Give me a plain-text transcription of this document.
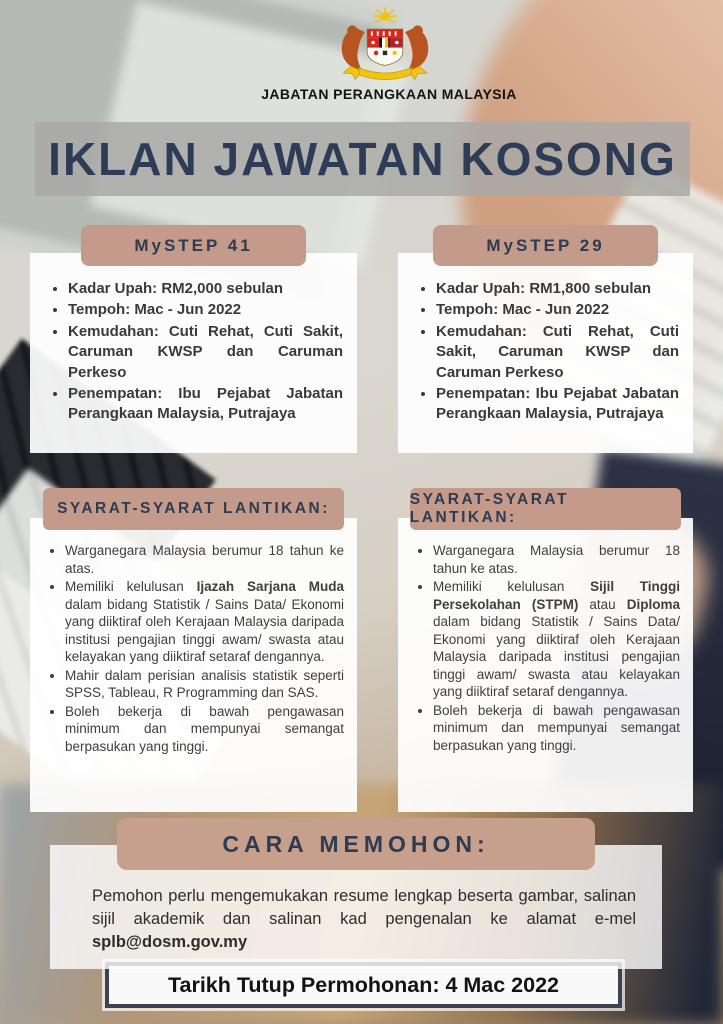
JABATAN PERANGKAAN MALAYSIA
IKLAN JAWATAN KOSONG
MySTEP 41
• Kadar Upah: RM2,000 sebulan
• Tempoh: Mac - Jun 2022
• Kemudahan: Cuti Rehat, Cuti Sakit, Caruman KWSP dan Caruman Perkeso
• Penempatan: Ibu Pejabat Jabatan Perangkaan Malaysia, Putrajaya
MySTEP 29
• Kadar Upah: RM1,800 sebulan
• Tempoh: Mac - Jun 2022
• Kemudahan: Cuti Rehat, Cuti Sakit, Caruman KWSP dan Caruman Perkeso
• Penempatan: Ibu Pejabat Jabatan Perangkaan Malaysia, Putrajaya
SYARAT-SYARAT LANTIKAN:
• Warganegara Malaysia berumur 18 tahun ke atas.
• Memiliki kelulusan Ijazah Sarjana Muda dalam bidang Statistik / Sains Data/ Ekonomi yang diiktiraf oleh Kerajaan Malaysia daripada institusi pengajian tinggi awam/ swasta atau kelayakan yang diiktiraf setaraf dengannya.
• Mahir dalam perisian analisis statistik seperti SPSS, Tableau, R Programming dan SAS.
• Boleh bekerja di bawah pengawasan minimum dan mempunyai semangat berpasukan yang tinggi.
SYARAT-SYARAT LANTIKAN:
• Warganegara Malaysia berumur 18 tahun ke atas.
• Memiliki kelulusan Sijil Tinggi Persekolahan (STPM) atau Diploma dalam bidang Statistik / Sains Data/ Ekonomi yang diiktiraf oleh Kerajaan Malaysia daripada institusi pengajian tinggi awam/ swasta atau kelayakan yang diiktiraf setaraf dengannya.
• Boleh bekerja di bawah pengawasan minimum dan mempunyai semangat berpasukan yang tinggi.
CARA MEMOHON:

Pemohon perlu mengemukakan resume lengkap beserta gambar, salinan sijil akademik dan salinan kad pengenalan ke alamat e-mel splb@dosm.gov.my

Tarikh Tutup Permohonan: 4 Mac 2022
